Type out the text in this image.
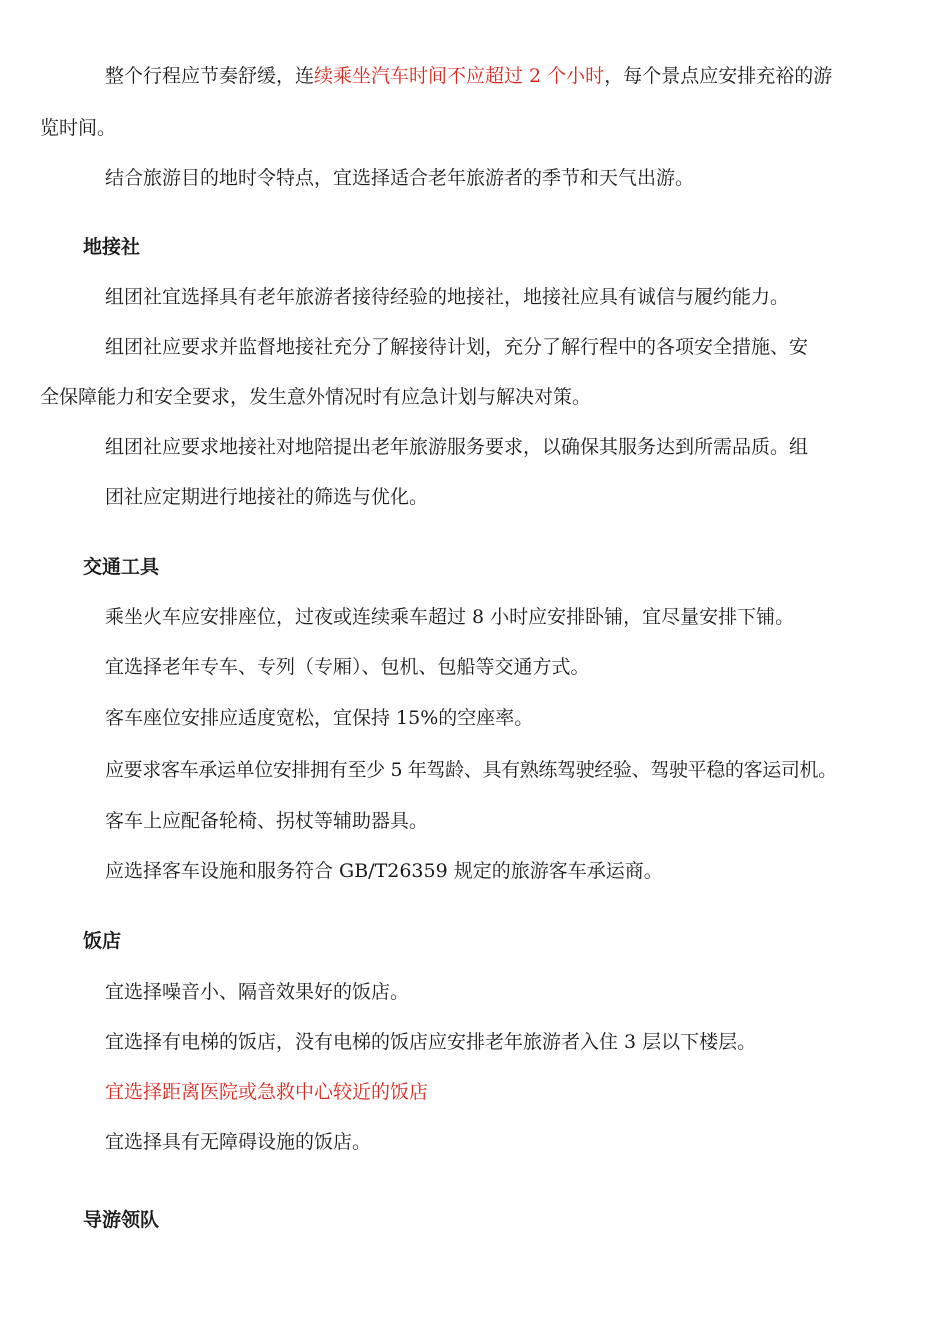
整个行程应节奏舒缓，连续乘坐汽车时间不应超过 2 个小时，每个景点应安排充裕的游
览时间。
结合旅游目的地时令特点，宜选择适合老年旅游者的季节和天气出游。
地接社
组团社宜选择具有老年旅游者接待经验的地接社，地接社应具有诚信与履约能力。
组团社应要求并监督地接社充分了解接待计划，充分了解行程中的各项安全措施、安
全保障能力和安全要求，发生意外情况时有应急计划与解决对策。
组团社应要求地接社对地陪提出老年旅游服务要求，以确保其服务达到所需品质。组
团社应定期进行地接社的筛选与优化。
交通工具
乘坐火车应安排座位，过夜或连续乘车超过 8 小时应安排卧铺，宜尽量安排下铺。
宜选择老年专车、专列（专厢）、包机、包船等交通方式。
客车座位安排应适度宽松，宜保持 15%的空座率。
应要求客车承运单位安排拥有至少 5 年驾龄、具有熟练驾驶经验、驾驶平稳的客运司机。
客车上应配备轮椅、拐杖等辅助器具。
应选择客车设施和服务符合 GB/T26359 规定的旅游客车承运商。
饭店
宜选择噪音小、隔音效果好的饭店。
宜选择有电梯的饭店，没有电梯的饭店应安排老年旅游者入住 3 层以下楼层。
宜选择距离医院或急救中心较近的饭店
宜选择具有无障碍设施的饭店。
导游领队
